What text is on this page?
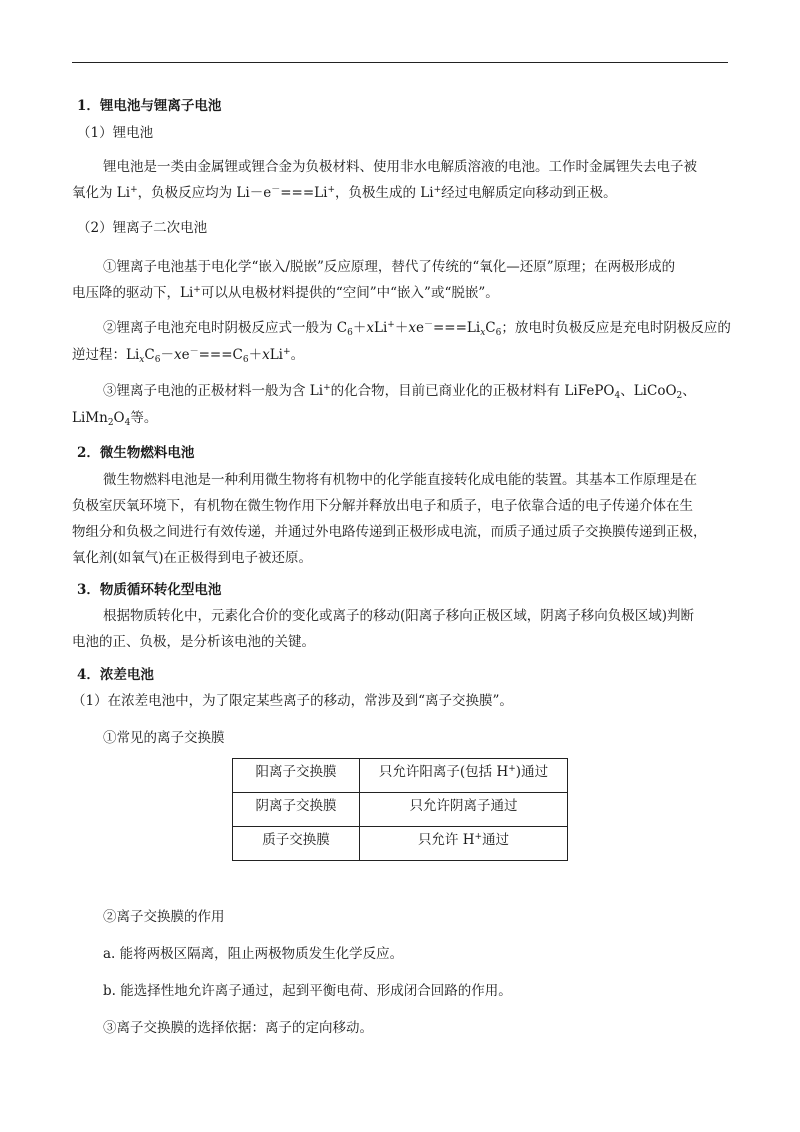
1．锂电池与锂离子电池
（1）锂电池
锂电池是一类由金属锂或锂合金为负极材料、使用非水电解质溶液的电池。工作时金属锂失去电子被
氧化为 Li+，负极反应均为 Li－e－===Li+，负极生成的 Li+经过电解质定向移动到正极。
（2）锂离子二次电池
①锂离子电池基于电化学“嵌入/脱嵌”反应原理，替代了传统的“氧化—还原”原理；在两极形成的
电压降的驱动下，Li+可以从电极材料提供的“空间”中“嵌入”或“脱嵌”。
②锂离子电池充电时阴极反应式一般为 $C_6+xLi^++xe^-===Li_xC_6$；放电时负极反应是充电时阴极反应的
逆过程：$Li_xC_6-xe^-===C_6+xLi^+$。
③锂离子电池的正极材料一般为含 Li+的化合物，目前已商业化的正极材料有 LiFePO$_4$、LiCoO$_2$、
$LiMn_2O_4$等。
2．微生物燃料电池
微生物燃料电池是一种利用微生物将有机物中的化学能直接转化成电能的装置。其基本工作原理是在
负极室厌氧环境下，有机物在微生物作用下分解并释放出电子和质子，电子依靠合适的电子传递介体在生
物组分和负极之间进行有效传递，并通过外电路传递到正极形成电流，而质子通过质子交换膜传递到正极，
氧化剂(如氧气)在正极得到电子被还原。
3．物质循环转化型电池
根据物质转化中，元素化合价的变化或离子的移动(阳离子移向正极区域，阴离子移向负极区域)判断
电池的正、负极，是分析该电池的关键。
4．浓差电池
（1）在浓差电池中，为了限定某些离子的移动，常涉及到“离子交换膜”。
①常见的离子交换膜
阳离子交换膜	只允许阳离子(包括 H+)通过
阴离子交换膜	只允许阴离子通过
质子交换膜	只允许 H+通过
②离子交换膜的作用
a. 能将两极区隔离，阻止两极物质发生化学反应。
b. 能选择性地允许离子通过，起到平衡电荷、形成闭合回路的作用。
③离子交换膜的选择依据：离子的定向移动。
